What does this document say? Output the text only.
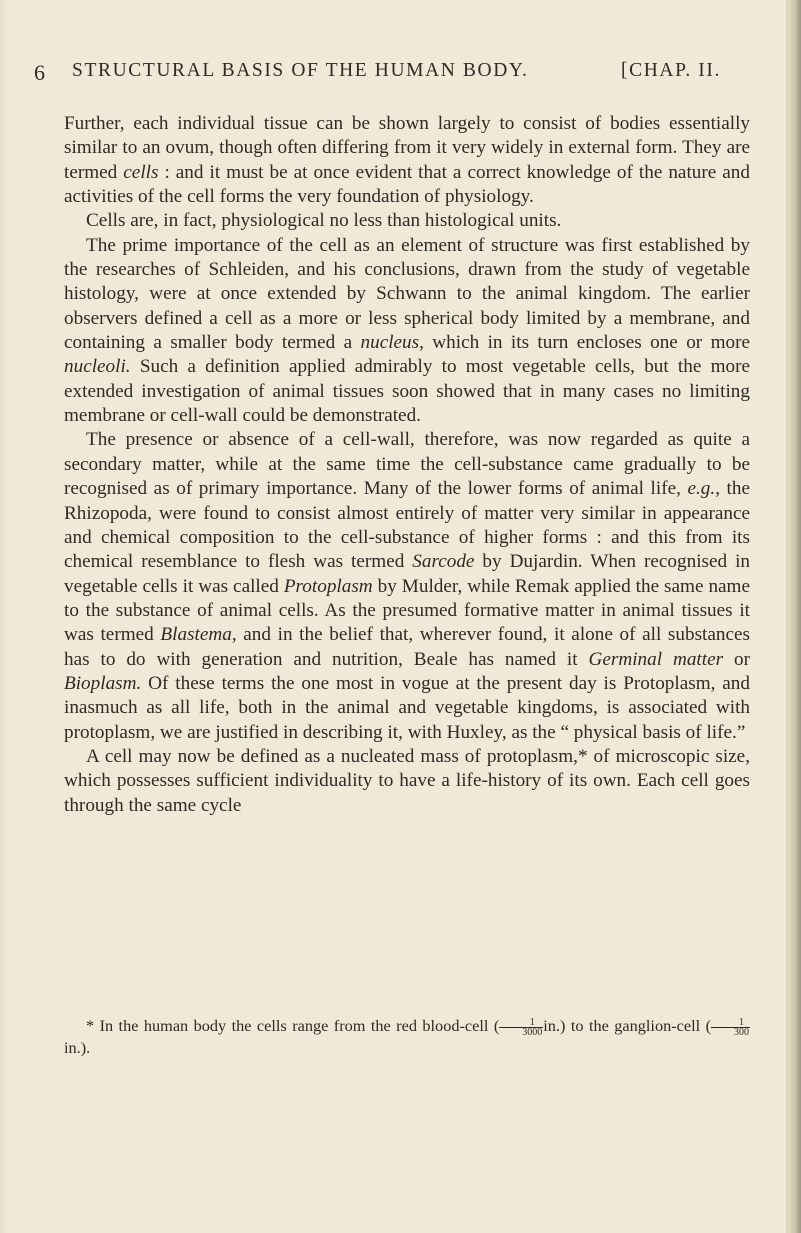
6 STRUCTURAL BASIS OF THE HUMAN BODY.	[CHAP. II.

Further, each individual tissue can be shown largely to consist of bodies essentially similar to an ovum, though often differing from it very widely in external form. They are termed cells : and it must be at once evident that a correct knowledge of the nature and activities of the cell forms the very foundation of physiology.

Cells are, in fact, physiological no less than histological units.

The prime importance of the cell as an element of structure was first established by the researches of Schleiden, and his conclusions, drawn from the study of vegetable histology, were at once extended by Schwann to the animal kingdom. The earlier observers defined a cell as a more or less spherical body limited by a membrane, and containing a smaller body termed a nucleus, which in its turn encloses one or more nucleoli. Such a definition applied admirably to most vegetable cells, but the more extended investigation of animal tissues soon showed that in many cases no limiting membrane or cell-wall could be demonstrated.

The presence or absence of a cell-wall, therefore, was now regarded as quite a secondary matter, while at the same time the cell-substance came gradually to be recognised as of primary importance. Many of the lower forms of animal life, e.g., the Rhizopoda, were found to consist almost entirely of matter very similar in appearance and chemical composition to the cell-substance of higher forms : and this from its chemical resemblance to flesh was termed Sarcode by Dujardin. When recognised in vegetable cells it was called Protoplasm by Mulder, while Remak applied the same name to the substance of animal cells. As the presumed formative matter in animal tissues it was termed Blastema, and in the belief that, wherever found, it alone of all substances has to do with generation and nutrition, Beale has named it Germinal matter or Bioplasm. Of these terms the one most in vogue at the present day is Protoplasm, and inasmuch as all life, both in the animal and vegetable kingdoms, is associated with protoplasm, we are justified in describing it, with Huxley, as the “ physical basis of life.”

A cell may now be defined as a nucleated mass of protoplasm,* of microscopic size, which possesses sufficient individuality to have a life-history of its own. Each cell goes through the same cycle

* In the human body the cells range from the red blood-cell ( $\frac{1}{3000} in$.) to the ganglion-cell ( $\frac{1}{300}$
in.).
